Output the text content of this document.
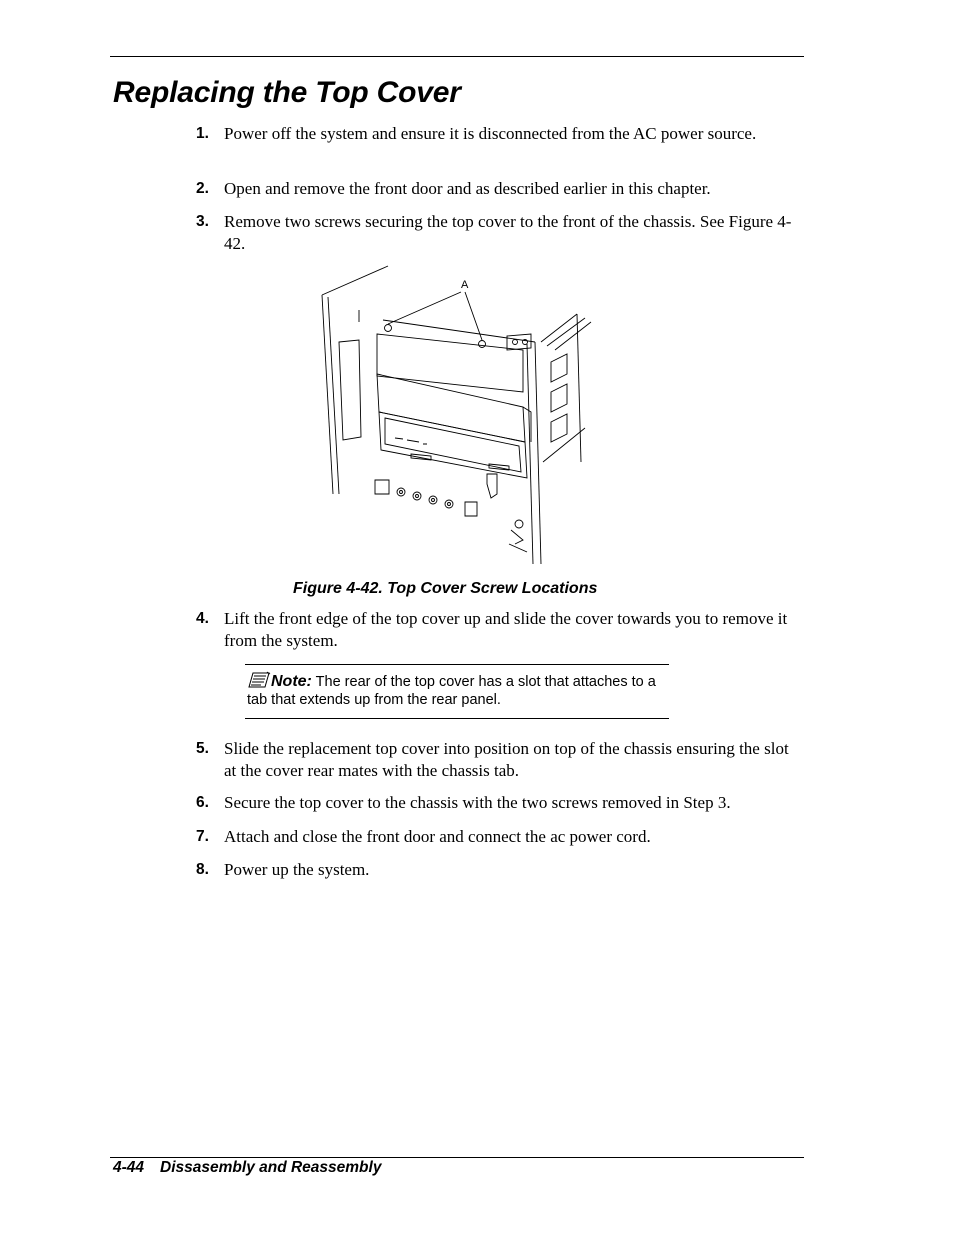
Replacing the Top Cover
1. Power off the system and ensure it is disconnected from the AC power source.
2. Open and remove the front door and as described earlier in this chapter.
3. Remove two screws securing the top cover to the front of the chassis. See Figure 4-42.
A
Figure 4-42. Top Cover Screw Locations
4. Lift the front edge of the top cover up and slide the cover towards you to remove it from the system.
Note: The rear of the top cover has a slot that attaches to a tab that extends up from the rear panel.
5. Slide the replacement top cover into position on top of the chassis ensuring the slot at the cover rear mates with the chassis tab.
6. Secure the top cover to the chassis with the two screws removed in Step 3.
7. Attach and close the front door and connect the ac power cord.
8. Power up the system.
4-44 Dissasembly and Reassembly
